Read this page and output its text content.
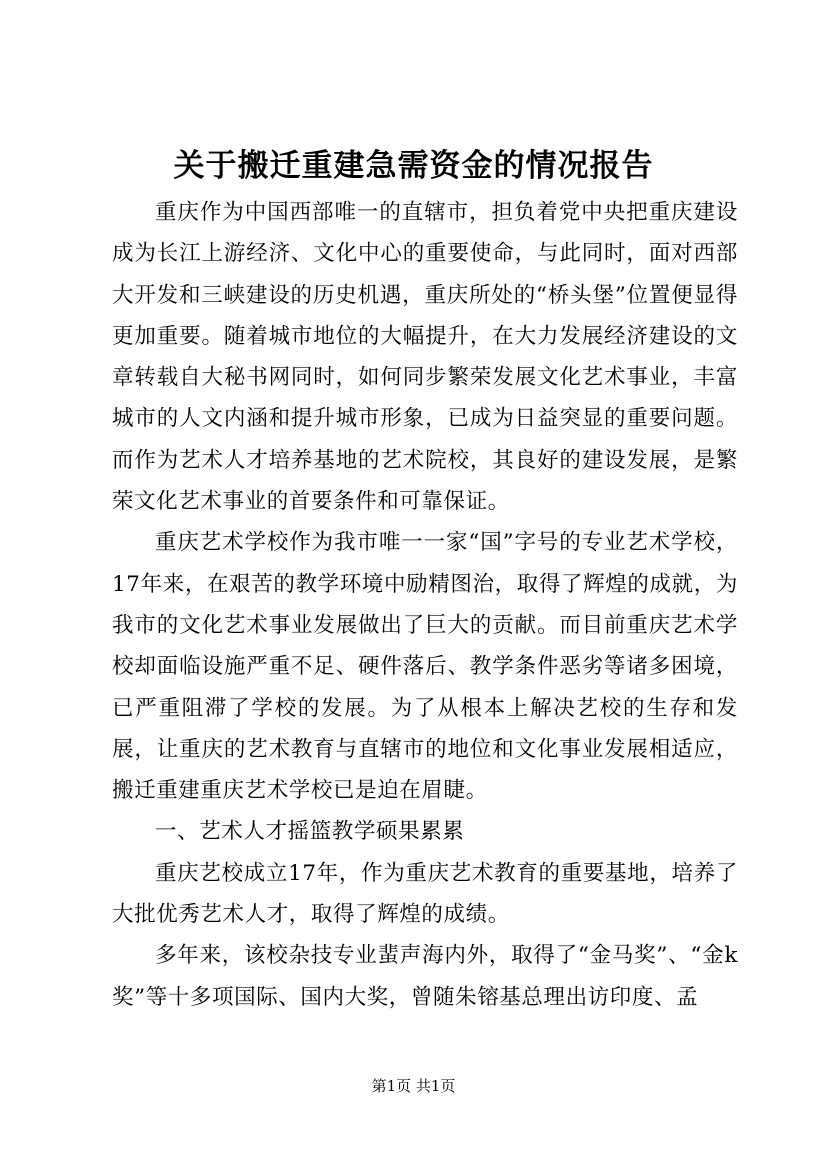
关于搬迁重建急需资金的情况报告

重庆作为中国西部唯一的直辖市，担负着党中央把重庆建设成为长江上游经济、文化中心的重要使命，与此同时，面对西部大开发和三峡建设的历史机遇，重庆所处的“桥头堡”位置便显得更加重要。随着城市地位的大幅提升，在大力发展经济建设的文章转载自大秘书网同时，如何同步繁荣发展文化艺术事业，丰富城市的人文内涵和提升城市形象，已成为日益突显的重要问题。而作为艺术人才培养基地的艺术院校，其良好的建设发展，是繁荣文化艺术事业的首要条件和可靠保证。

重庆艺术学校作为我市唯一一家“国”字号的专业艺术学校，17年来，在艰苦的教学环境中励精图治，取得了辉煌的成就，为我市的文化艺术事业发展做出了巨大的贡献。而目前重庆艺术学校却面临设施严重不足、硬件落后、教学条件恶劣等诸多困境，已严重阻滞了学校的发展。为了从根本上解决艺校的生存和发展，让重庆的艺术教育与直辖市的地位和文化事业发展相适应，搬迁重建重庆艺术学校已是迫在眉睫。

一、艺术人才摇篮教学硕果累累

重庆艺校成立17年，作为重庆艺术教育的重要基地，培养了大批优秀艺术人才，取得了辉煌的成绩。

多年来，该校杂技专业蜚声海内外，取得了“金马奖”、“金k奖”等十多项国际、国内大奖，曾随朱镕基总理出访印度、孟

第1页 共1页
